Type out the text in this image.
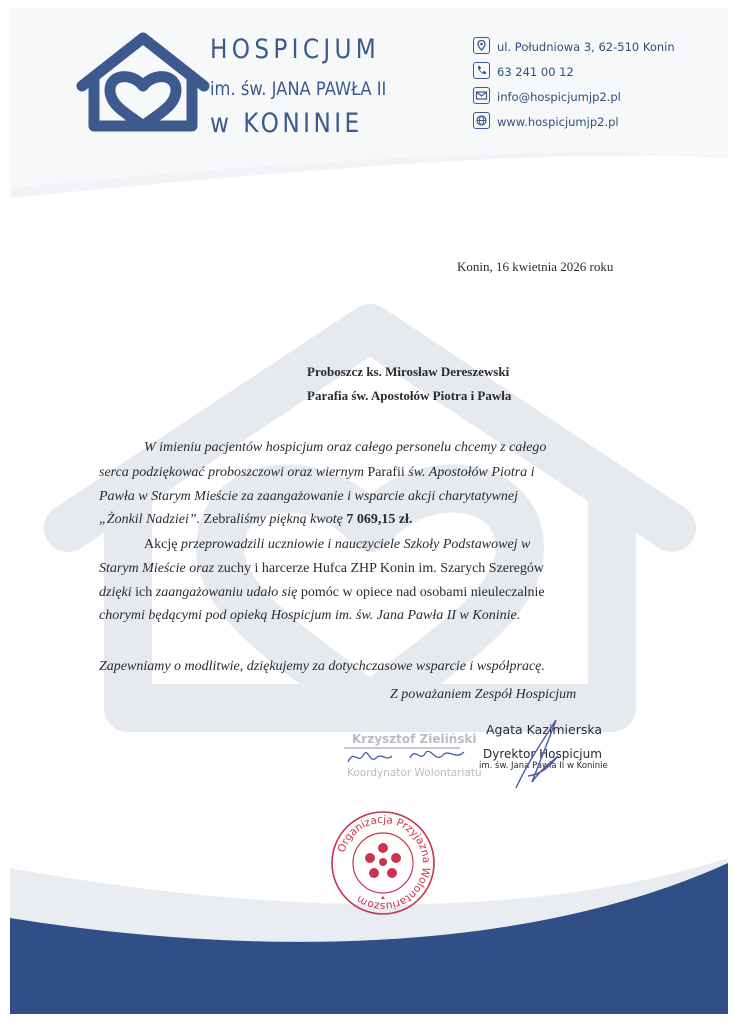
HOSPICJUM
im. św. JANA PAWŁA II
w KONINIE
ul. Południowa 3, 62-510 Konin
63 241 00 12
info@hospicjumjp2.pl
www.hospicjumjp2.pl
Konin, 16 kwietnia 2026 roku
Proboszcz ks. Mirosław Dereszewski
Parafia św. Apostołów Piotra i Pawła
W imieniu pacjentów hospicjum oraz całego personelu chcemy z całego
serca podziękować proboszczowi oraz wiernym Parafii św. Apostołów Piotra i
Pawła w Starym Mieście za zaangażowanie i wsparcie akcji charytatywnej
„Żonkil Nadziei”. Zebraliśmy piękną kwotę 7 069,15 zł.
Akcję przeprowadzili uczniowie i nauczyciele Szkoły Podstawowej w
Starym Mieście oraz zuchy i harcerze Hufca ZHP Konin im. Szarych Szeregów
dzięki ich zaangażowaniu udało się pomóc w opiece nad osobami nieuleczalnie
chorymi będącymi pod opieką Hospicjum im. św. Jana Pawła II w Koninie.
Zapewniamy o modlitwie, dziękujemy za dotychczasowe wsparcie i współpracę.
Z poważaniem Zespół Hospicjum
Krzysztof Zieliński
Koordynator Wolontariatu
Agata Kazimierska
Dyrektor Hospicjum
im. św. Jana Pawła II w Koninie
Organizacja Przyjazna Wolontariuszom
